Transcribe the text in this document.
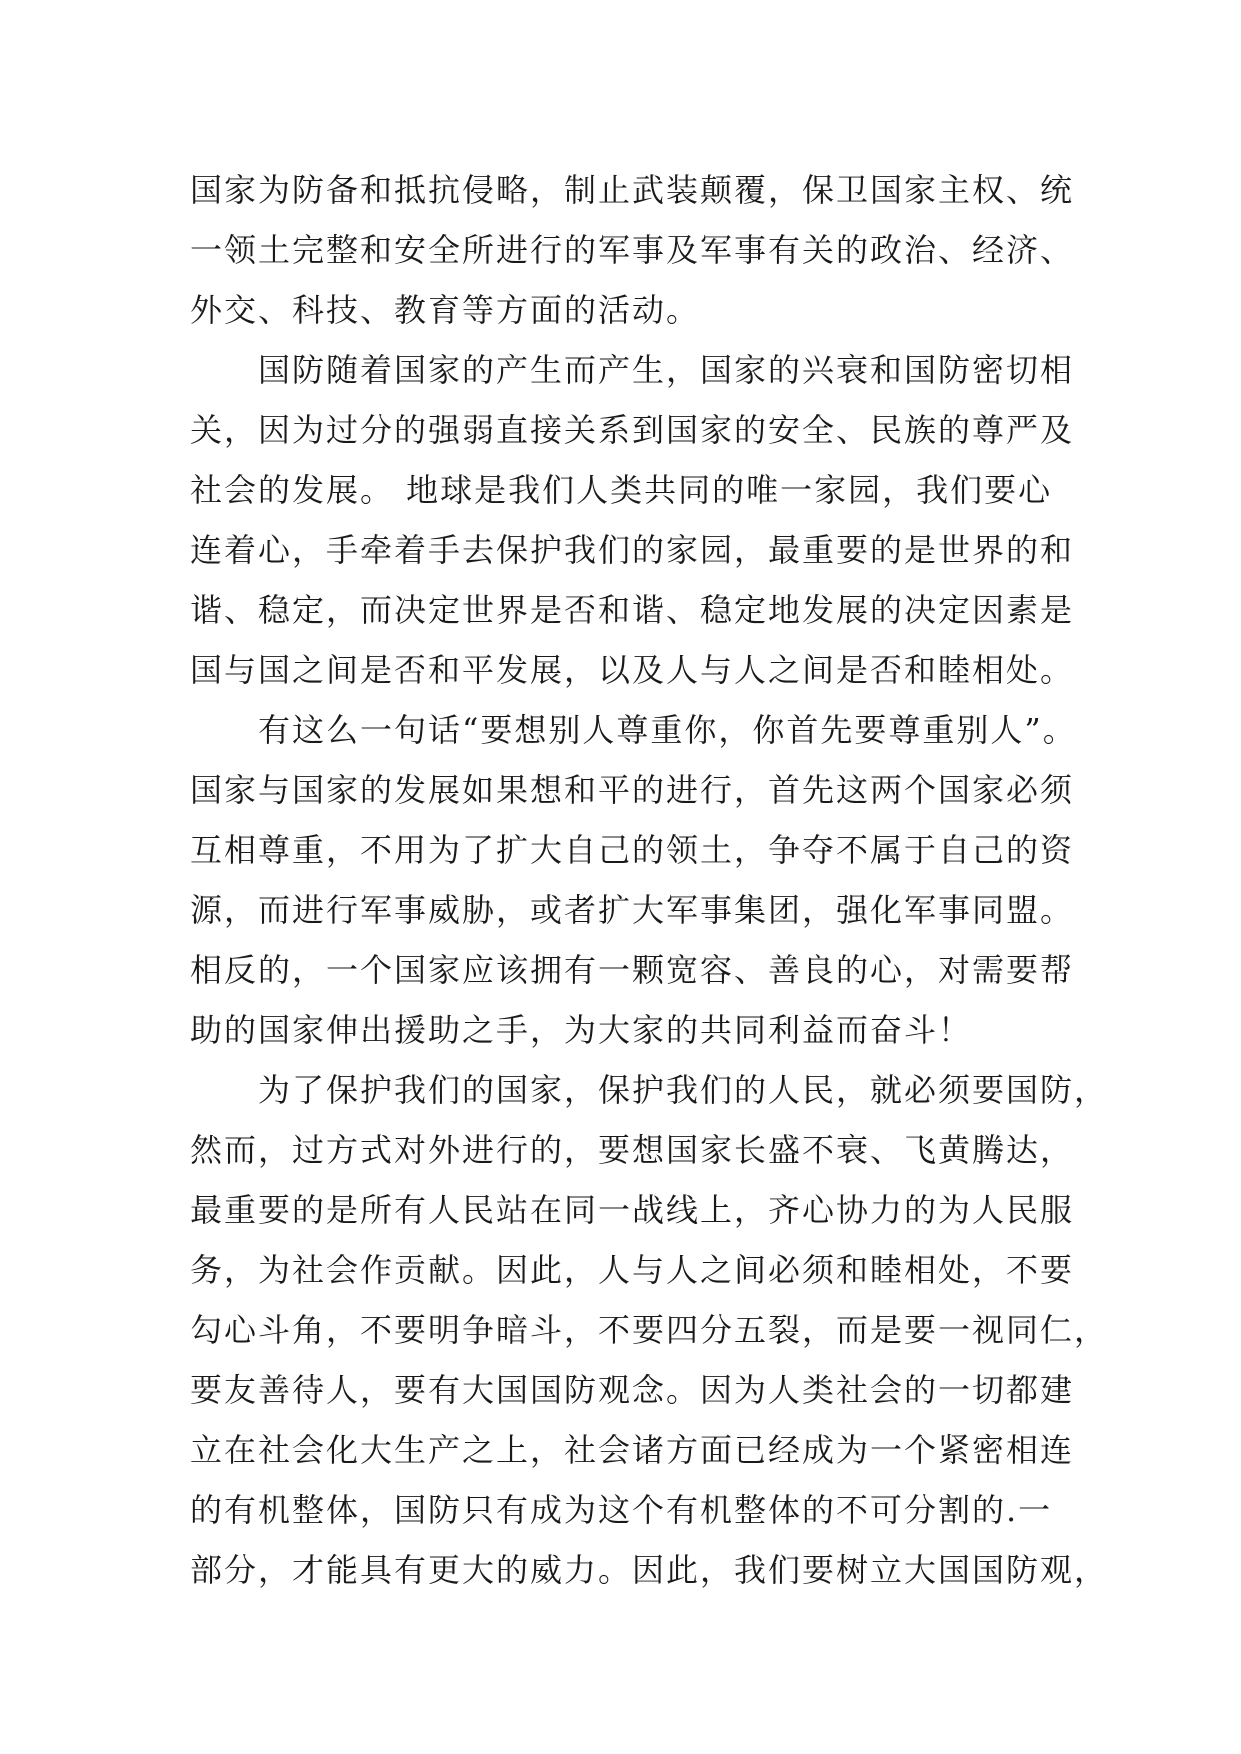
国家为防备和抵抗侵略，制止武装颠覆，保卫国家主权、统
一领土完整和安全所进行的军事及军事有关的政治、经济、
外交、科技、教育等方面的活动。
　　国防随着国家的产生而产生，国家的兴衰和国防密切相
关，因为过分的强弱直接关系到国家的安全、民族的尊严及
社会的发展。 地球是我们人类共同的唯一家园，我们要心
连着心，手牵着手去保护我们的家园，最重要的是世界的和
谐、稳定，而决定世界是否和谐、稳定地发展的决定因素是
国与国之间是否和平发展，以及人与人之间是否和睦相处。
　　有这么一句话“要想别人尊重你，你首先要尊重别人”。
国家与国家的发展如果想和平的进行，首先这两个国家必须
互相尊重，不用为了扩大自己的领土，争夺不属于自己的资
源，而进行军事威胁，或者扩大军事集团，强化军事同盟。
相反的，一个国家应该拥有一颗宽容、善良的心，对需要帮
助的国家伸出援助之手，为大家的共同利益而奋斗！
　　为了保护我们的国家，保护我们的人民，就必须要国防，
然而，过方式对外进行的，要想国家长盛不衰、飞黄腾达，
最重要的是所有人民站在同一战线上，齐心协力的为人民服
务，为社会作贡献。因此，人与人之间必须和睦相处，不要
勾心斗角，不要明争暗斗，不要四分五裂，而是要一视同仁，
要友善待人，要有大国国防观念。因为人类社会的一切都建
立在社会化大生产之上，社会诸方面已经成为一个紧密相连
的有机整体，国防只有成为这个有机整体的不可分割的.一
部分，才能具有更大的威力。因此，我们要树立大国国防观，
